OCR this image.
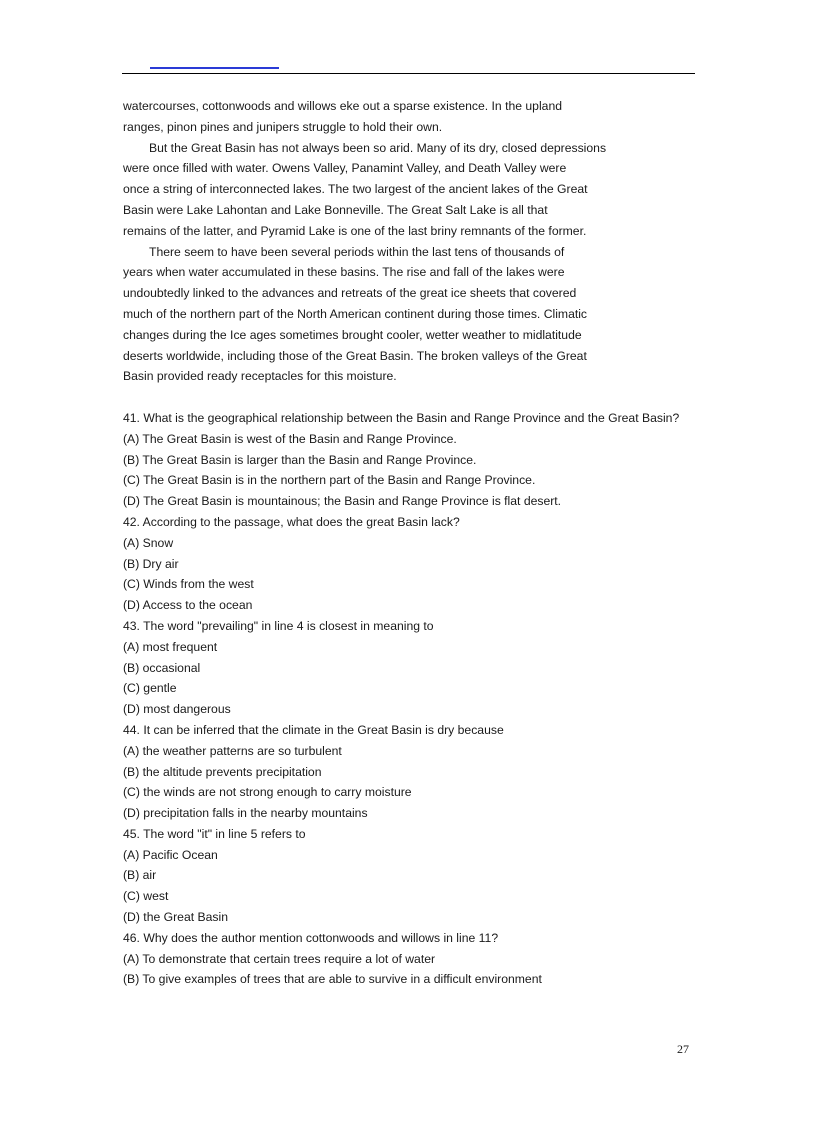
watercourses, cottonwoods and willows eke out a sparse existence. In the upland
ranges, pinon pines and junipers struggle to hold their own.
But the Great Basin has not always been so arid. Many of its dry, closed depressions
were once filled with water. Owens Valley, Panamint Valley, and Death Valley were
once a string of interconnected lakes. The two largest of the ancient lakes of the Great
Basin were Lake Lahontan and Lake Bonneville. The Great Salt Lake is all that
remains of the latter, and Pyramid Lake is one of the last briny remnants of the former.
There seem to have been several periods within the last tens of thousands of
years when water accumulated in these basins. The rise and fall of the lakes were
undoubtedly linked to the advances and retreats of the great ice sheets that covered
much of the northern part of the North American continent during those times. Climatic
changes during the Ice ages sometimes brought cooler, wetter weather to midlatitude
deserts worldwide, including those of the Great Basin. The broken valleys of the Great
Basin provided ready receptacles for this moisture.
41. What is the geographical relationship between the Basin and Range Province and the Great Basin?
(A) The Great Basin is west of the Basin and Range Province.
(B) The Great Basin is larger than the Basin and Range Province.
(C) The Great Basin is in the northern part of the Basin and Range Province.
(D) The Great Basin is mountainous; the Basin and Range Province is flat desert.
42. According to the passage, what does the great Basin lack?
(A) Snow
(B) Dry air
(C) Winds from the west
(D) Access to the ocean
43. The word "prevailing" in line 4 is closest in meaning to
(A) most frequent
(B) occasional
(C) gentle
(D) most dangerous
44. It can be inferred that the climate in the Great Basin is dry because
(A) the weather patterns are so turbulent
(B) the altitude prevents precipitation
(C) the winds are not strong enough to carry moisture
(D) precipitation falls in the nearby mountains
45. The word "it" in line 5 refers to
(A) Pacific Ocean
(B) air
(C) west
(D) the Great Basin
46. Why does the author mention cottonwoods and willows in line 11?
(A) To demonstrate that certain trees require a lot of water
(B) To give examples of trees that are able to survive in a difficult environment
27
